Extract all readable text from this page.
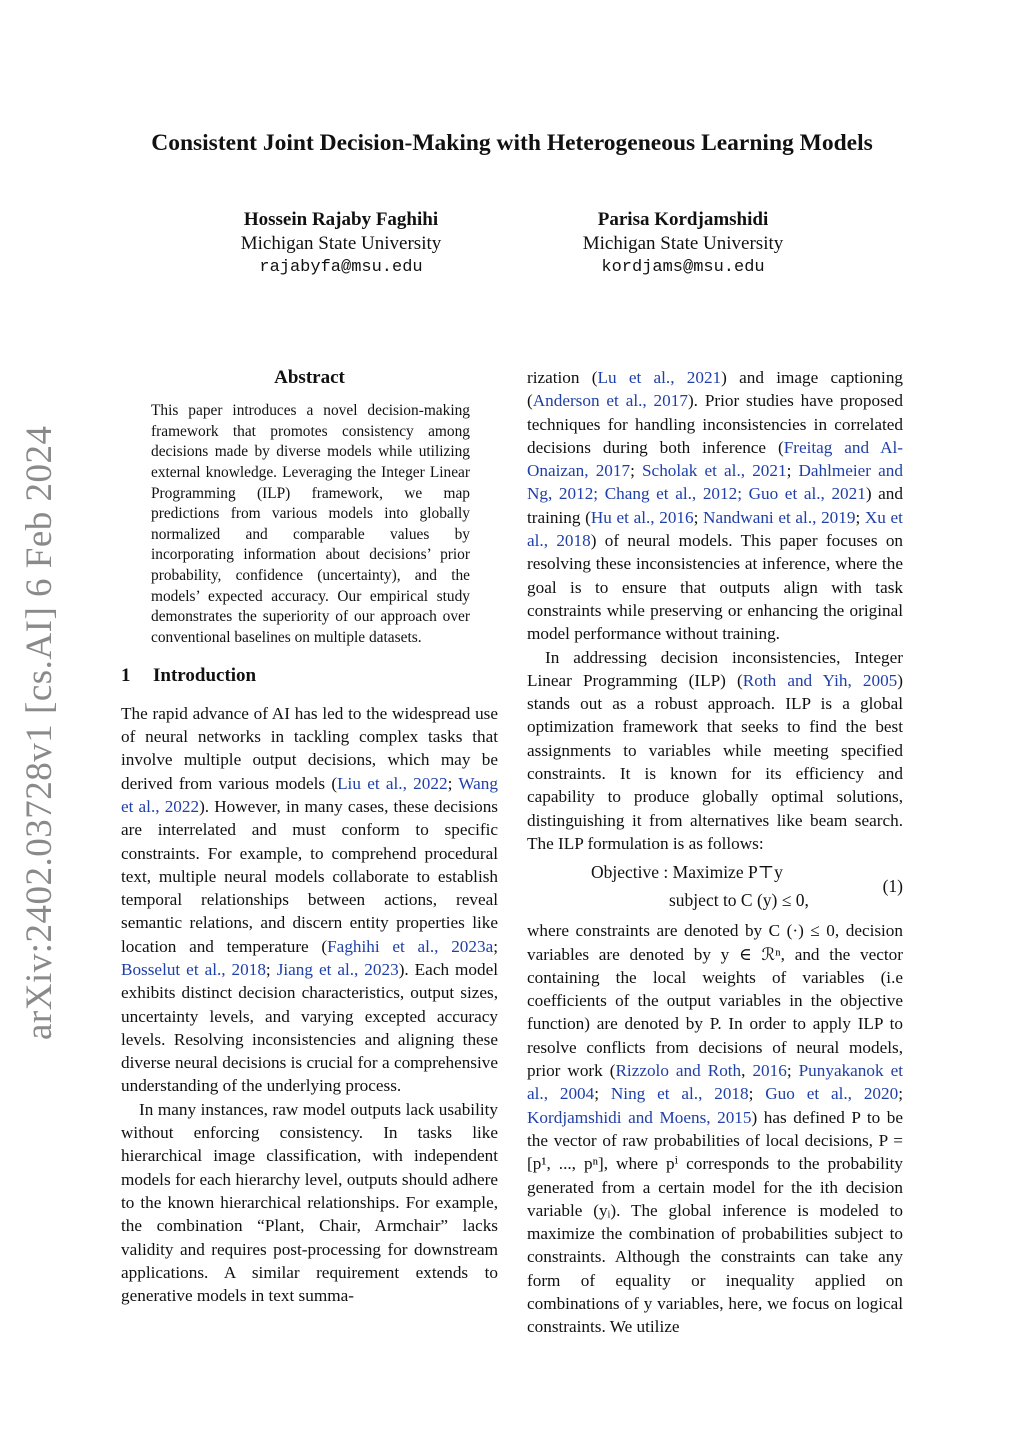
arXiv:2402.03728v1 [cs.AI] 6 Feb 2024
Consistent Joint Decision-Making with Heterogeneous Learning Models
Hossein Rajaby Faghihi
Michigan State University
rajabyfa@msu.edu
Parisa Kordjamshidi
Michigan State University
kordjams@msu.edu

Abstract

This paper introduces a novel decision-making framework that promotes consistency among decisions made by diverse models while utilizing external knowledge. Leveraging the Integer Linear Programming (ILP) framework, we map predictions from various models into globally normalized and comparable values by incorporating information about decisions’ prior probability, confidence (uncertainty), and the models’ expected accuracy. Our empirical study demonstrates the superiority of our approach over conventional baselines on multiple datasets.

1 Introduction

The rapid advance of AI has led to the widespread use of neural networks in tackling complex tasks that involve multiple output decisions, which may be derived from various models (Liu et al., 2022; Wang et al., 2022). However, in many cases, these decisions are interrelated and must conform to specific constraints. For example, to comprehend procedural text, multiple neural models collaborate to establish temporal relationships between actions, reveal semantic relations, and discern entity properties like location and temperature (Faghihi et al., 2023a; Bosselut et al., 2018; Jiang et al., 2023). Each model exhibits distinct decision characteristics, output sizes, uncertainty levels, and varying excepted accuracy levels. Resolving inconsistencies and aligning these diverse neural decisions is crucial for a comprehensive understanding of the underlying process.

In many instances, raw model outputs lack usability without enforcing consistency. In tasks like hierarchical image classification, with independent models for each hierarchy level, outputs should adhere to the known hierarchical relationships. For example, the combination “Plant, Chair, Armchair” lacks validity and requires post-processing for downstream applications. A similar requirement extends to generative models in text summa-

rization (Lu et al., 2021) and image captioning (Anderson et al., 2017). Prior studies have proposed techniques for handling inconsistencies in correlated decisions during both inference (Freitag and Al-Onaizan, 2017; Scholak et al., 2021; Dahlmeier and Ng, 2012; Chang et al., 2012; Guo et al., 2021) and training (Hu et al., 2016; Nandwani et al., 2019; Xu et al., 2018) of neural models. This paper focuses on resolving these inconsistencies at inference, where the goal is to ensure that outputs align with task constraints while preserving or enhancing the original model performance without training.

In addressing decision inconsistencies, Integer Linear Programming (ILP) (Roth and Yih, 2005) stands out as a robust approach. ILP is a global optimization framework that seeks to find the best assignments to variables while meeting specified constraints. It is known for its efficiency and capability to produce globally optimal solutions, distinguishing it from alternatives like beam search. The ILP formulation is as follows:

Objective : Maximize P⊤y
subject to C (y) ≤ 0,
(1)

where constraints are denoted by C (·) ≤ 0, decision variables are denoted by y ∈ ℛⁿ, and the vector containing the local weights of variables (i.e coefficients of the output variables in the objective function) are denoted by P. In order to apply ILP to resolve conflicts from decisions of neural models, prior work (Rizzolo and Roth, 2016; Punyakanok et al., 2004; Ning et al., 2018; Guo et al., 2020; Kordjamshidi and Moens, 2015) has defined P to be the vector of raw probabilities of local decisions, P = [p¹, ..., pⁿ], where pⁱ corresponds to the probability generated from a certain model for the ith decision variable (yᵢ). The global inference is modeled to maximize the combination of probabilities subject to constraints. Although the constraints can take any form of equality or inequality applied on combinations of y variables, here, we focus on logical constraints. We utilize
